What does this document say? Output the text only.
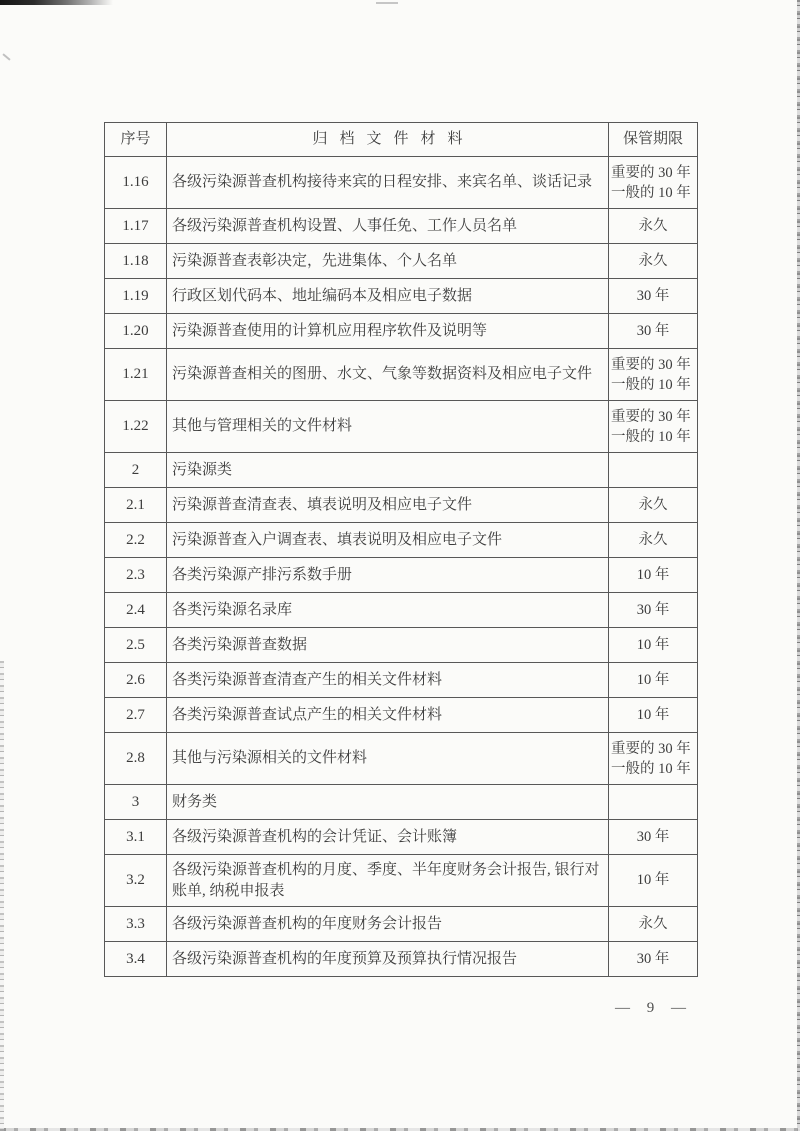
序号	归档文件材料	保管期限
1.16	各级污染源普查机构接待来宾的日程安排、来宾名单、谈话记录	重要的 30 年
一般的 10 年

1.17	各级污染源普查机构设置、人事任免、工作人员名单	永久
1.18	污染源普查表彰决定，先进集体、个人名单	永久
1.19	行政区划代码本、地址编码本及相应电子数据	30 年
1.20	污染源普查使用的计算机应用程序软件及说明等	30 年
1.21	污染源普查相关的图册、水文、气象等数据资料及相应电子文件	重要的 30 年
一般的 10 年

1.22	其他与管理相关的文件材料	重要的 30 年
一般的 10 年

2	污染源类	
2.1	污染源普查清查表、填表说明及相应电子文件	永久
2.2	污染源普查入户调查表、填表说明及相应电子文件	永久
2.3	各类污染源产排污系数手册	10 年
2.4	各类污染源名录库	30 年
2.5	各类污染源普查数据	10 年
2.6	各类污染源普查清查产生的相关文件材料	10 年
2.7	各类污染源普查试点产生的相关文件材料	10 年
2.8	其他与污染源相关的文件材料	重要的 30 年
一般的 10 年

3	财务类	
3.1	各级污染源普查机构的会计凭证、会计账簿	30 年
3.2	各级污染源普查机构的月度、季度、半年度财务会计报告, 银行对账单, 纳税申报表	10 年
3.3	各级污染源普查机构的年度财务会计报告	永久
3.4	各级污染源普查机构的年度预算及预算执行情况报告	30 年
— 9 —
